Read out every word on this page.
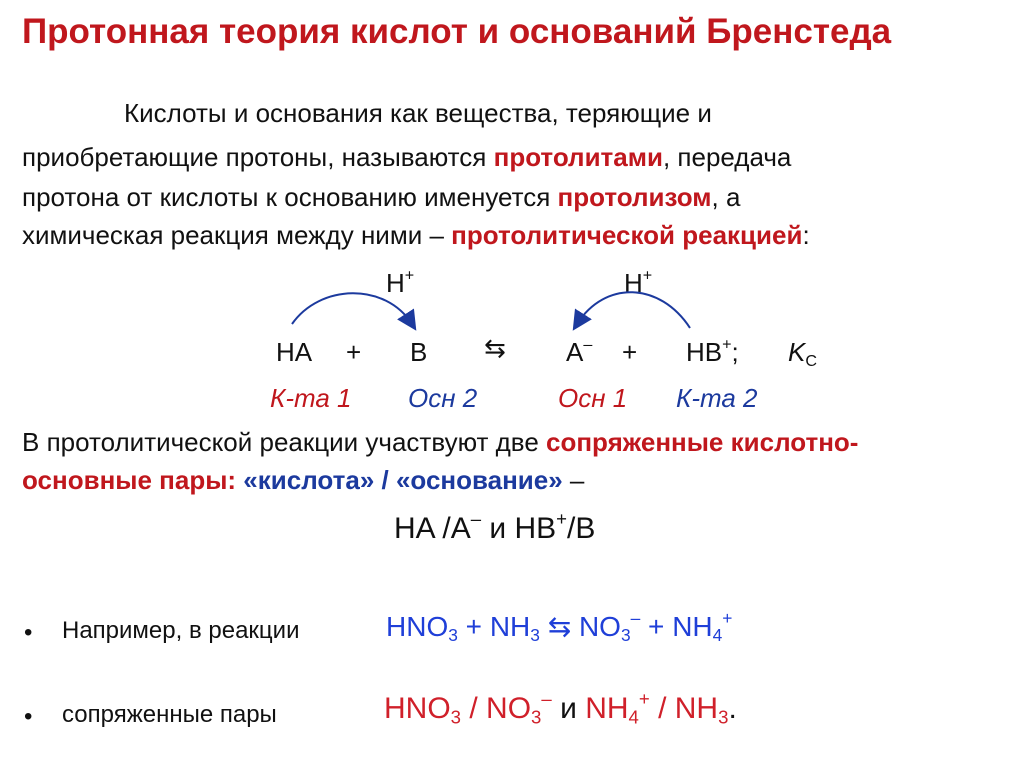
Протонная теория кислот и оснований Бренстеда
Кислоты и основания как вещества, теряющие и
приобретающие протоны, называются протолитами, передача
протона от кислоты к основанию именуется протолизом, а
химическая реакция между ними – протолитической реакцией:
H+	H+
HA + B ⇆ A– + HB+; $K_C$
К-та 1 Осн 2	Осн 1 К-та 2
В протолитической реакции участвуют две сопряженные кислотно-
основные пары: «кислота» / «основание» –
HA /A– и HB+/B
• Например, в реакции	$HNO_3 + NH_3$ ⇆ $NO_3^- + NH_4^+$
• сопряженные пары	$HNO_3 / NO_3^-$ и $NH_4^+ / NH_3$.
